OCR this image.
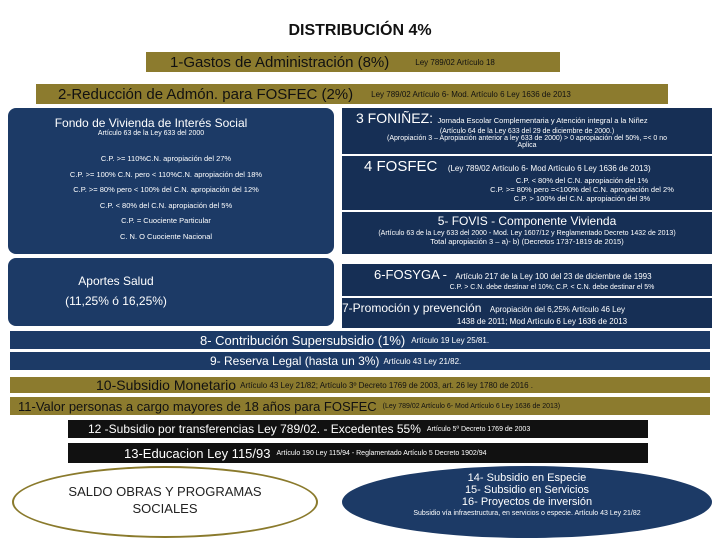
DISTRIBUCIÓN 4%
1-Gastos de Administración (8%)	Ley 789/02 Artículo 18
2-Reducción de Admón. para FOSFEC (2%) Ley 789/02 Artículo 6- Mod. Artículo 6 Ley 1636 de 2013
Fondo de Vivienda de Interés Social
Artículo 63 de la Ley 633 del 2000
C.P. >= 110%C.N. apropiación del 27%
C.P. >= 100% C.N. pero < 110%C.N. apropiación del 18%
C.P. >= 80% pero < 100% del C.N. apropiación del 12%
C.P. < 80% del C.N. apropiación del 5%
C.P. = Cuociente Particular
C. N. O Cuociente Nacional
3 FONIÑEZ: Jornada Escolar Complementaria y Atención integral a la Niñez
(Artículo 64 de la Ley 633 del 29 de diciembre de 2000.)
(Apropiación 3 – Apropiación anterior a ley 633 de 2000) > 0 apropiación del 50%, =< 0 no
Aplica
4 FOSFEC (Ley 789/02 Artículo 6- Mod Artículo 6 Ley 1636 de 2013)
C.P. < 80% del C.N. apropiación del 1%
C.P. >= 80% pero =<100% del C.N. apropiación del 2%
C.P. > 100% del C.N. apropiación del 3%
5- FOVIS - Componente Vivienda
(Artículo 63 de la Ley 633 del 2000 - Mod. Ley 1607/12 y Reglamentado Decreto 1432 de 2013)
Total apropiación 3 – a)- b) (Decretos 1737-1819 de 2015)
Aportes Salud
(11,25% ó 16,25%)
6-FOSYGA - Artículo 217 de la Ley 100 del 23 de diciembre de 1993
C.P. > C.N. debe destinar el 10%; C.P. < C.N. debe destinar el 5%
7-Promoción y prevención Apropiación del 6,25% Artículo 46 Ley
1438 de 2011; Mod Artículo 6 Ley 1636 de 2013
8- Contribución Supersubsidio (1%) Artículo 19 Ley 25/81.
9- Reserva Legal (hasta un 3%) Artículo 43 Ley 21/82.
10-Subsidio Monetario Artículo 43 Ley 21/82; Artículo 3º Decreto 1769 de 2003, art. 26 ley 1780 de 2016 .
11-Valor personas a cargo mayores de 18 años para FOSFEC (Ley 789/02 Artículo 6- Mod Artículo 6 Ley 1636 de 2013)
12 -Subsidio por transferencias Ley 789/02. - Excedentes 55% Artículo 5º Decreto 1769 de 2003
13-Educacion Ley 115/93 Artículo 190 Ley 115/94 - Reglamentado Artículo 5 Decreto 1902/94
SALDO OBRAS Y PROGRAMAS
SOCIALES
14- Subsidio en Especie
15- Subsidio en Servicios
16- Proyectos de inversión
Subsidio vía infraestructura, en servicios o especie. Artículo 43 Ley 21/82
